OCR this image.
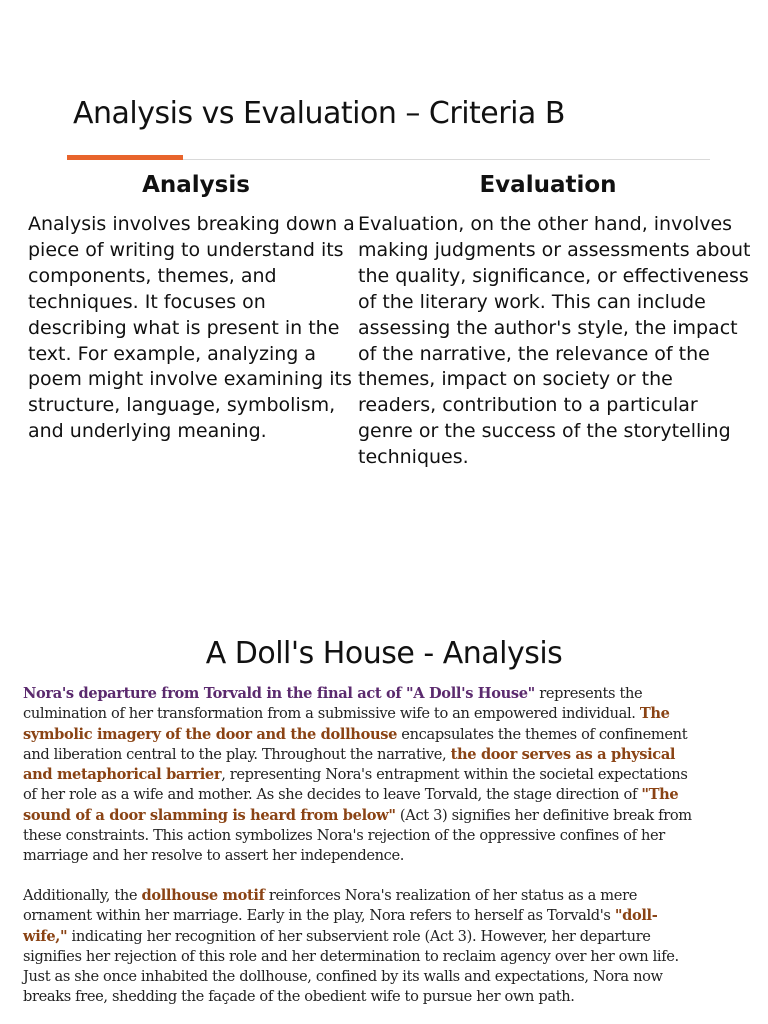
Analysis vs Evaluation – Criteria B
Analysis	Evaluation
Analysis involves breaking down a
piece of writing to understand its
components, themes, and
techniques. It focuses on
describing what is present in the
text. For example, analyzing a
poem might involve examining its
structure, language, symbolism,
and underlying meaning.
Evaluation, on the other hand, involves
making judgments or assessments about
the quality, significance, or effectiveness
of the literary work. This can include
assessing the author's style, the impact
of the narrative, the relevance of the
themes, impact on society or the
readers, contribution to a particular
genre or the success of the storytelling
techniques.
A Doll's House - Analysis
Nora's departure from Torvald in the final act of "A Doll's House" represents the
culmination of her transformation from a submissive wife to an empowered individual. The
symbolic imagery of the door and the dollhouse encapsulates the themes of confinement
and liberation central to the play. Throughout the narrative, the door serves as a physical
and metaphorical barrier, representing Nora's entrapment within the societal expectations
of her role as a wife and mother. As she decides to leave Torvald, the stage direction of "The
sound of a door slamming is heard from below" (Act 3) signifies her definitive break from
these constraints. This action symbolizes Nora's rejection of the oppressive confines of her
marriage and her resolve to assert her independence.
Additionally, the dollhouse motif reinforces Nora's realization of her status as a mere
ornament within her marriage. Early in the play, Nora refers to herself as Torvald's "doll-
wife," indicating her recognition of her subservient role (Act 3). However, her departure
signifies her rejection of this role and her determination to reclaim agency over her own life.
Just as she once inhabited the dollhouse, confined by its walls and expectations, Nora now
breaks free, shedding the façade of the obedient wife to pursue her own path.
